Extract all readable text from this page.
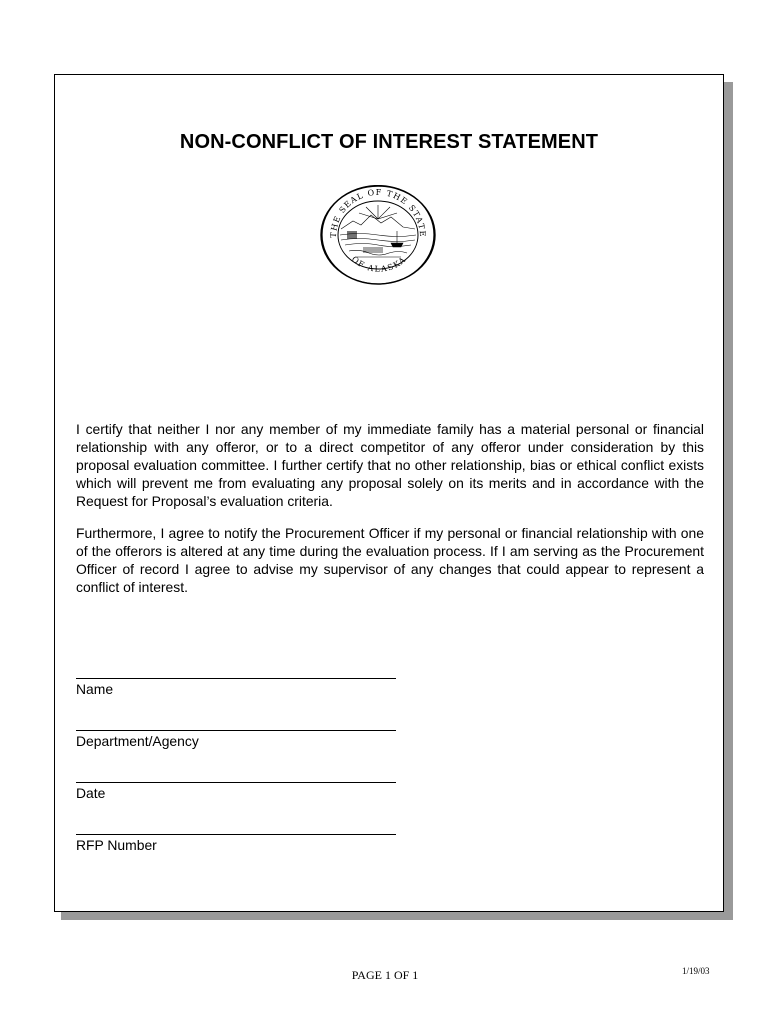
NON-CONFLICT OF INTEREST STATEMENT
THE SEAL OF THE STATE
OF ALASKA
I certify that neither I nor any member of my immediate family has a material personal or financial relationship with any offeror, or to a direct competitor of any offeror under consideration by this proposal evaluation committee. I further certify that no other relationship, bias or ethical conflict exists which will prevent me from evaluating any proposal solely on its merits and in accordance with the Request for Proposal’s evaluation criteria.
Furthermore, I agree to notify the Procurement Officer if my personal or financial relationship with one of the offerors is altered at any time during the evaluation process. If I am serving as the Procurement Officer of record I agree to advise my supervisor of any changes that could appear to represent a conflict of interest.
Name
Department/Agency
Date
RFP Number
PAGE 1 OF 1	1/19/03
